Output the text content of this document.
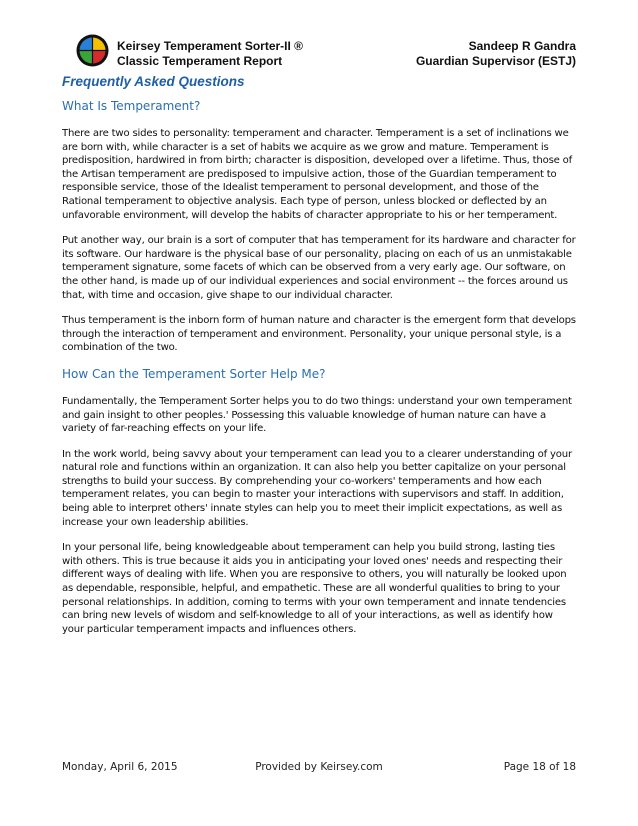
Keirsey Temperament Sorter-II ®
Classic Temperament Report
Sandeep R Gandra
Guardian Supervisor (ESTJ)
Frequently Asked Questions
What Is Temperament?

There are two sides to personality: temperament and character. Temperament is a set of inclinations we are born with, while character is a set of habits we acquire as we grow and mature. Temperament is predisposition, hardwired in from birth; character is disposition, developed over a lifetime. Thus, those of the Artisan temperament are predisposed to impulsive action, those of the Guardian temperament to responsible service, those of the Idealist temperament to personal development, and those of the Rational temperament to objective analysis. Each type of person, unless blocked or deflected by an unfavorable environment, will develop the habits of character appropriate to his or her temperament.

Put another way, our brain is a sort of computer that has temperament for its hardware and character for its software. Our hardware is the physical base of our personality, placing on each of us an unmistakable temperament signature, some facets of which can be observed from a very early age. Our software, on the other hand, is made up of our individual experiences and social environment -- the forces around us that, with time and occasion, give shape to our individual character.

Thus temperament is the inborn form of human nature and character is the emergent form that develops through the interaction of temperament and environment. Personality, your unique personal style, is a combination of the two.

How Can the Temperament Sorter Help Me?

Fundamentally, the Temperament Sorter helps you to do two things: understand your own temperament and gain insight to other peoples.' Possessing this valuable knowledge of human nature can have a variety of far-reaching effects on your life.

In the work world, being savvy about your temperament can lead you to a clearer understanding of your natural role and functions within an organization. It can also help you better capitalize on your personal strengths to build your success. By comprehending your co-workers' temperaments and how each temperament relates, you can begin to master your interactions with supervisors and staff. In addition, being able to interpret others' innate styles can help you to meet their implicit expectations, as well as increase your own leadership abilities.

In your personal life, being knowledgeable about temperament can help you build strong, lasting ties with others. This is true because it aids you in anticipating your loved ones' needs and respecting their different ways of dealing with life. When you are responsive to others, you will naturally be looked upon as dependable, responsible, helpful, and empathetic. These are all wonderful qualities to bring to your personal relationships. In addition, coming to terms with your own temperament and innate tendencies can bring new levels of wisdom and self-knowledge to all of your interactions, as well as identify how your particular temperament impacts and influences others.

Monday, April 6, 2015	Provided by Keirsey.com	Page 18 of 18
